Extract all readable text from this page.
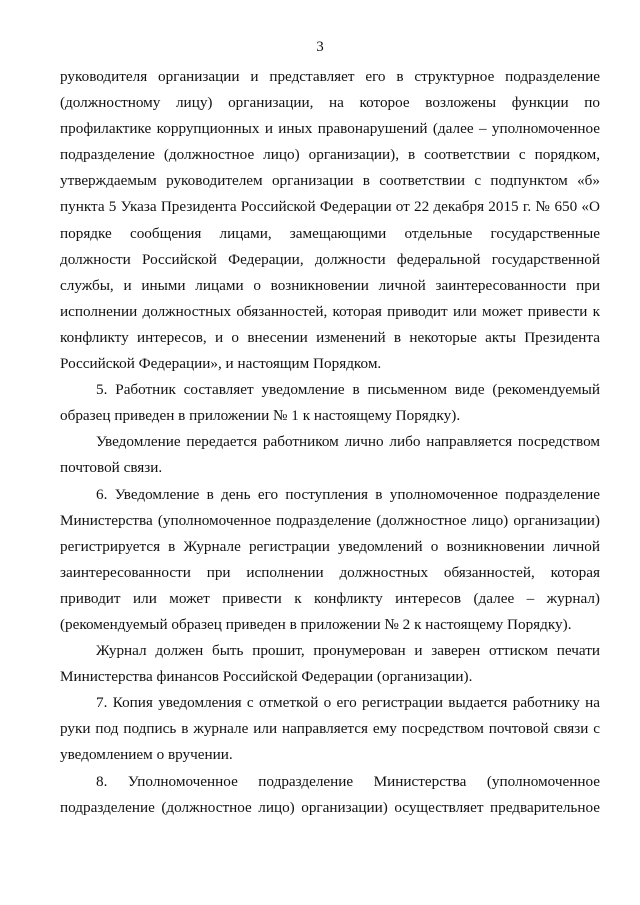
3

руководителя организации и представляет его в структурное подразделение (должностному лицу) организации, на которое возложены функции по профилактике коррупционных и иных правонарушений (далее – уполномоченное подразделение (должностное лицо) организации), в соответствии с порядком, утверждаемым руководителем организации в соответствии с подпунктом «б» пункта 5 Указа Президента Российской Федерации от 22 декабря 2015 г. № 650 «О порядке сообщения лицами, замещающими отдельные государственные должности Российской Федерации, должности федеральной государственной службы, и иными лицами о возникновении личной заинтересованности при исполнении должностных обязанностей, которая приводит или может привести к конфликту интересов, и о внесении изменений в некоторые акты Президента Российской Федерации», и настоящим Порядком.

5. Работник составляет уведомление в письменном виде (рекомендуемый образец приведен в приложении № 1 к настоящему Порядку).

Уведомление передается работником лично либо направляется посредством почтовой связи.

6. Уведомление в день его поступления в уполномоченное подразделение Министерства (уполномоченное подразделение (должностное лицо) организации) регистрируется в Журнале регистрации уведомлений о возникновении личной заинтересованности при исполнении должностных обязанностей, которая приводит или может привести к конфликту интересов (далее – журнал) (рекомендуемый образец приведен в приложении № 2 к настоящему Порядку).

Журнал должен быть прошит, пронумерован и заверен оттиском печати Министерства финансов Российской Федерации (организации).

7. Копия уведомления с отметкой о его регистрации выдается работнику на руки под подпись в журнале или направляется ему посредством почтовой связи с уведомлением о вручении.

8. Уполномоченное подразделение Министерства (уполномоченное подразделение (должностное лицо) организации) осуществляет предварительное
